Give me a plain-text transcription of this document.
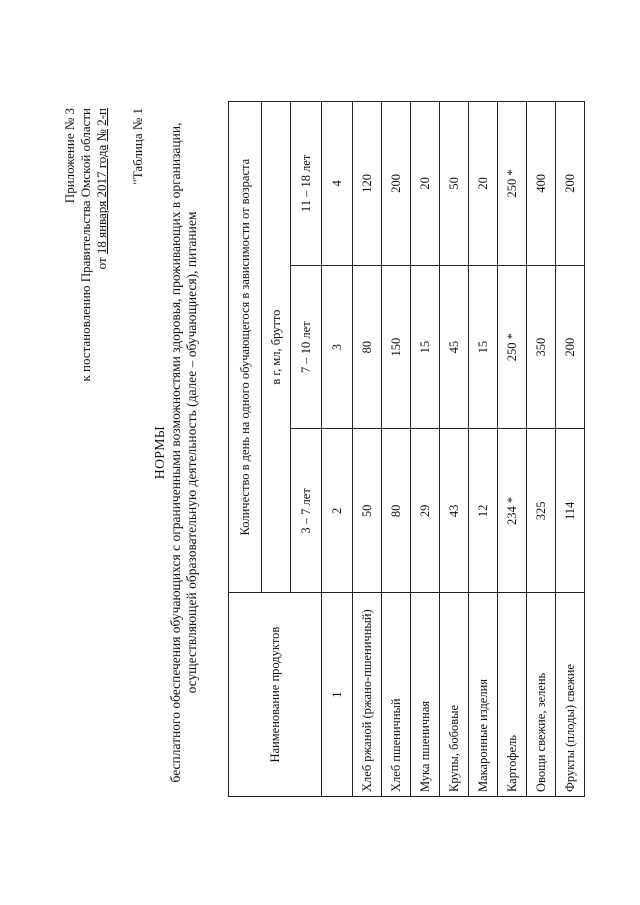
Приложение № 3 к постановлению Правительства Омской области от 18 января 2017 года № 2-п "Таблица № 1
НОРМЫ бесплатного обеспечения обучающихся с ограниченными возможностями здоровья, проживающих в организации, осуществляющей образовательную деятельность (далее – обучающиеся), питанием
Наименование продуктов	Количество в день на одного обучающегося в зависимости от возраста		
	в г, мл, брутто		
	3 – 7 лет	7 – 10 лет	11 – 18 лет
1	2	3	4
Хлеб ржаной (ржано-пшеничный)	50	80	120
Хлеб пшеничный	80	150	200
Мука пшеничная	29	15	20
Крупы, бобовые	43	45	50
Макаронные изделия	12	15	20
Картофель	234 *	250 *	250 *
Овощи свежие, зелень	325	350	400
Фрукты (плоды) свежие	114	200	200
